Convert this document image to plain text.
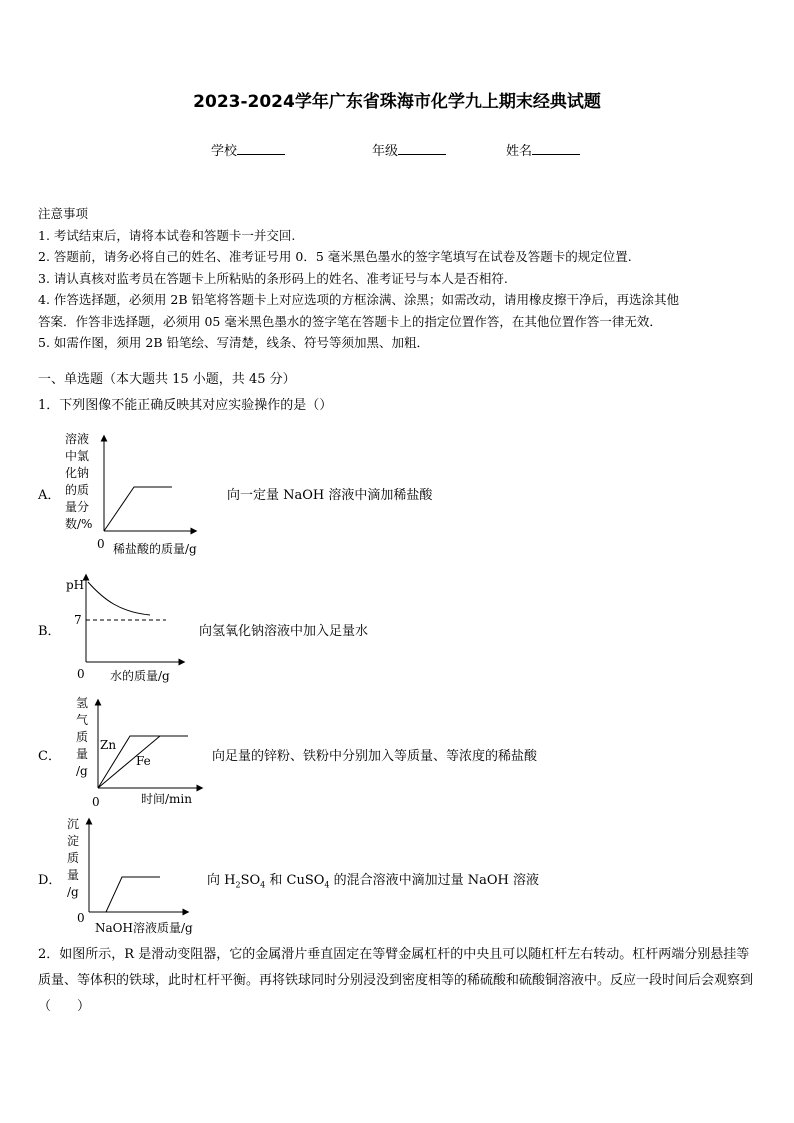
2023-2024学年广东省珠海市化学九上期末经典试题
学校	年级	姓名
注意事项
1. 考试结束后，请将本试卷和答题卡一并交回.
2. 答题前，请务必将自己的姓名、准考证号用 0．5 毫米黑色墨水的签字笔填写在试卷及答题卡的规定位置.
3. 请认真核对监考员在答题卡上所粘贴的条形码上的姓名、准考证号与本人是否相符.
4. 作答选择题，必须用 2B 铅笔将答题卡上对应选项的方框涂满、涂黑；如需改动，请用橡皮擦干净后，再选涂其他
答案．作答非选择题，必须用 05 毫米黑色墨水的签字笔在答题卡上的指定位置作答，在其他位置作答一律无效．
5. 如需作图，须用 2B 铅笔绘、写清楚，线条、符号等须加黑、加粗．
一、单选题（本大题共 15 小题，共 45 分）
1．下列图像不能正确反映其对应实验操作的是（）
A．
溶液
中氯
化钠
的质
量分
数/%
0 稀盐酸的质量/g
向一定量 NaOH 溶液中滴加稀盐酸
B．
pH
7
0 水的质量/g
向氢氧化钠溶液中加入足量水
C．
氢
气
质
量
/g
Zn
Fe
0	时间/min
向足量的锌粉、铁粉中分别加入等质量、等浓度的稀盐酸
D．
沉
淀
质
量
/g
0
NaOH溶液质量/g
向 $H_2SO_4$ 和 CuSO$_4$ 的混合溶液中滴加过量 NaOH 溶液
2．如图所示，R 是滑动变阻器，它的金属滑片垂直固定在等臂金属杠杆的中央且可以随杠杆左右转动。杠杆两端分别悬挂等质量、等体积的铁球，此时杠杆平衡。再将铁球同时分别浸没到密度相等的稀硫酸和硫酸铜溶液中。反应一段时间后会观察到（　　）
